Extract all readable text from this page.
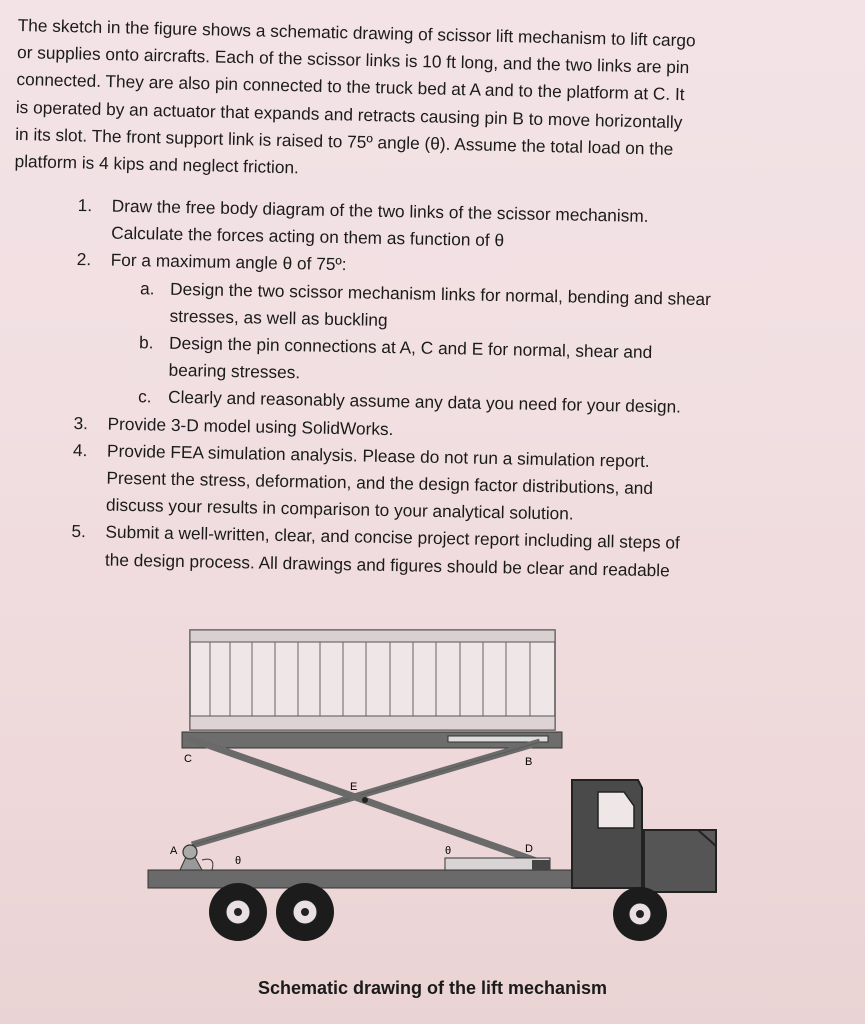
The sketch in the figure shows a schematic drawing of scissor lift mechanism to lift cargo

or supplies onto aircrafts. Each of the scissor links is 10 ft long, and the two links are pin

connected. They are also pin connected to the truck bed at A and to the platform at C. It

is operated by an actuator that expands and retracts causing pin B to move horizontally

in its slot. The front support link is raised to 75º angle (θ). Assume the total load on the

platform is 4 kips and neglect friction.

1.	Draw the free body diagram of the two links of the scissor mechanism.
Calculate the forces acting on them as function of θ
2.	For a maximum angle θ of 75º:
a. Design the two scissor mechanism links for normal, bending and shear
stresses, as well as buckling
b. Design the pin connections at A, C and E for normal, shear and
bearing stresses.
c. Clearly and reasonably assume any data you need for your design.
3.	Provide 3-D model using SolidWorks.
4.	Provide FEA simulation analysis. Please do not run a simulation report.
Present the stress, deformation, and the design factor distributions, and
discuss your results in comparison to your analytical solution.
5.	Submit a well-written, clear, and concise project report including all steps of
the design process. All drawings and figures should be clear and readable
C	B
E
A
θ
θ	D
Schematic drawing of the lift mechanism
